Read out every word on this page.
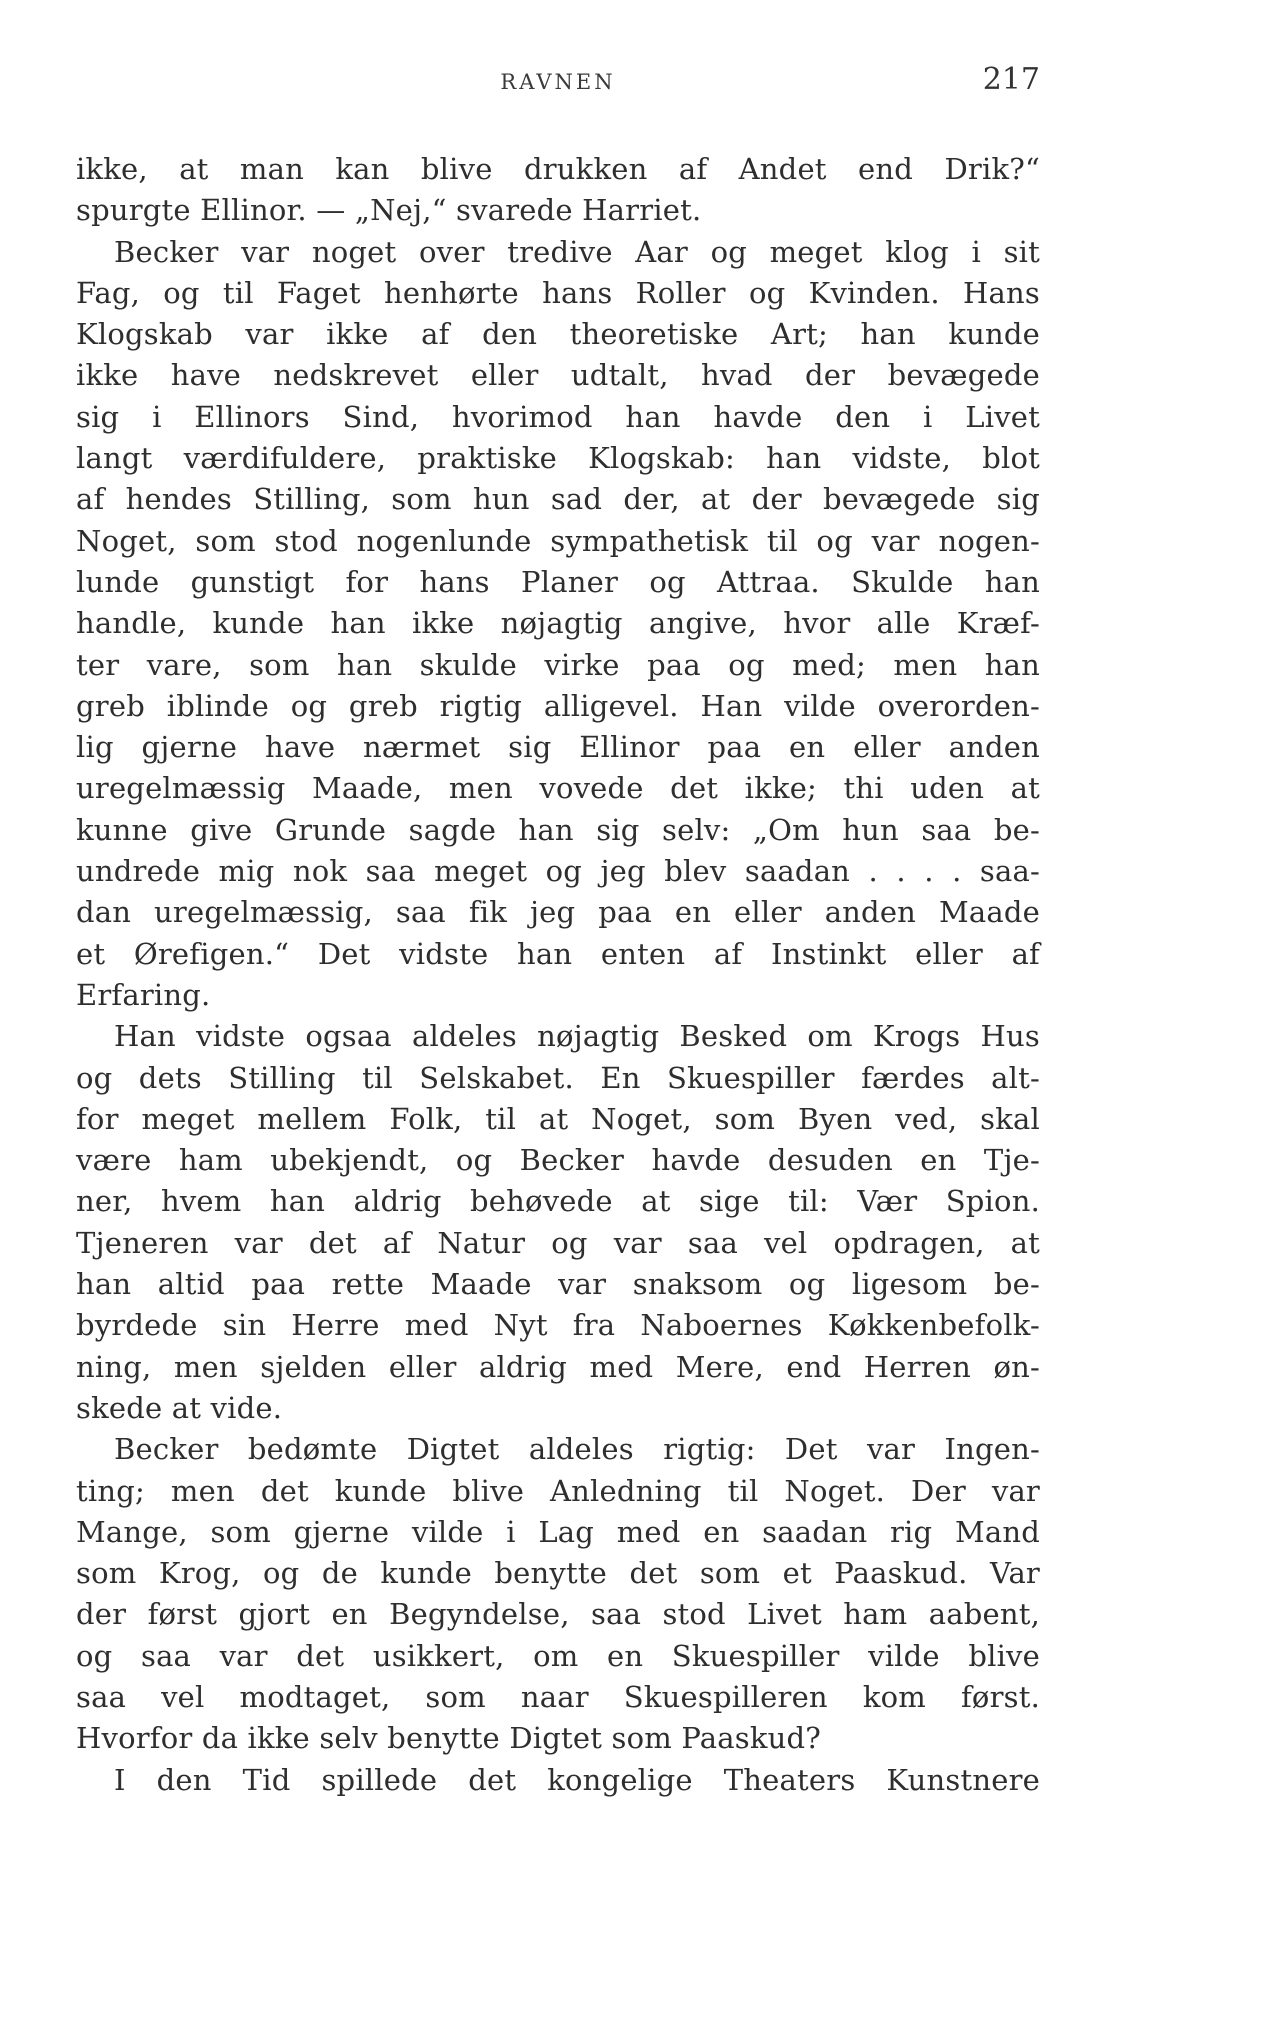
RAVNEN	217
ikke, at man kan blive drukken af Andet end Drik?“
spurgte Ellinor. — „Nej,“ svarede Harriet.
Becker var noget over tredive Aar og meget klog i sit
Fag, og til Faget henhørte hans Roller og Kvinden. Hans
Klogskab var ikke af den theoretiske Art; han kunde
ikke have nedskrevet eller udtalt, hvad der bevægede
sig i Ellinors Sind, hvorimod han havde den i Livet
langt værdifuldere, praktiske Klogskab: han vidste, blot
af hendes Stilling, som hun sad der, at der bevægede sig
Noget, som stod nogenlunde sympathetisk til og var nogen-
lunde gunstigt for hans Planer og Attraa. Skulde han
handle, kunde han ikke nøjagtig angive, hvor alle Kræf-
ter vare, som han skulde virke paa og med; men han
greb iblinde og greb rigtig alligevel. Han vilde overorden-
lig gjerne have nærmet sig Ellinor paa en eller anden
uregelmæssig Maade, men vovede det ikke; thi uden at
kunne give Grunde sagde han sig selv: „Om hun saa be-
undrede mig nok saa meget og jeg blev saadan . . . . saa-
dan uregelmæssig, saa fik jeg paa en eller anden Maade
et Ørefigen.“ Det vidste han enten af Instinkt eller af
Erfaring.
Han vidste ogsaa aldeles nøjagtig Besked om Krogs Hus
og dets Stilling til Selskabet. En Skuespiller færdes alt-
for meget mellem Folk, til at Noget, som Byen ved, skal
være ham ubekjendt, og Becker havde desuden en Tje-
ner, hvem han aldrig behøvede at sige til: Vær Spion.
Tjeneren var det af Natur og var saa vel opdragen, at
han altid paa rette Maade var snaksom og ligesom be-
byrdede sin Herre med Nyt fra Naboernes Køkkenbefolk-
ning, men sjelden eller aldrig med Mere, end Herren øn-
skede at vide.
Becker bedømte Digtet aldeles rigtig: Det var Ingen-
ting; men det kunde blive Anledning til Noget. Der var
Mange, som gjerne vilde i Lag med en saadan rig Mand
som Krog, og de kunde benytte det som et Paaskud. Var
der først gjort en Begyndelse, saa stod Livet ham aabent,
og saa var det usikkert, om en Skuespiller vilde blive
saa vel modtaget, som naar Skuespilleren kom først.
Hvorfor da ikke selv benytte Digtet som Paaskud?
I den Tid spillede det kongelige Theaters Kunstnere
